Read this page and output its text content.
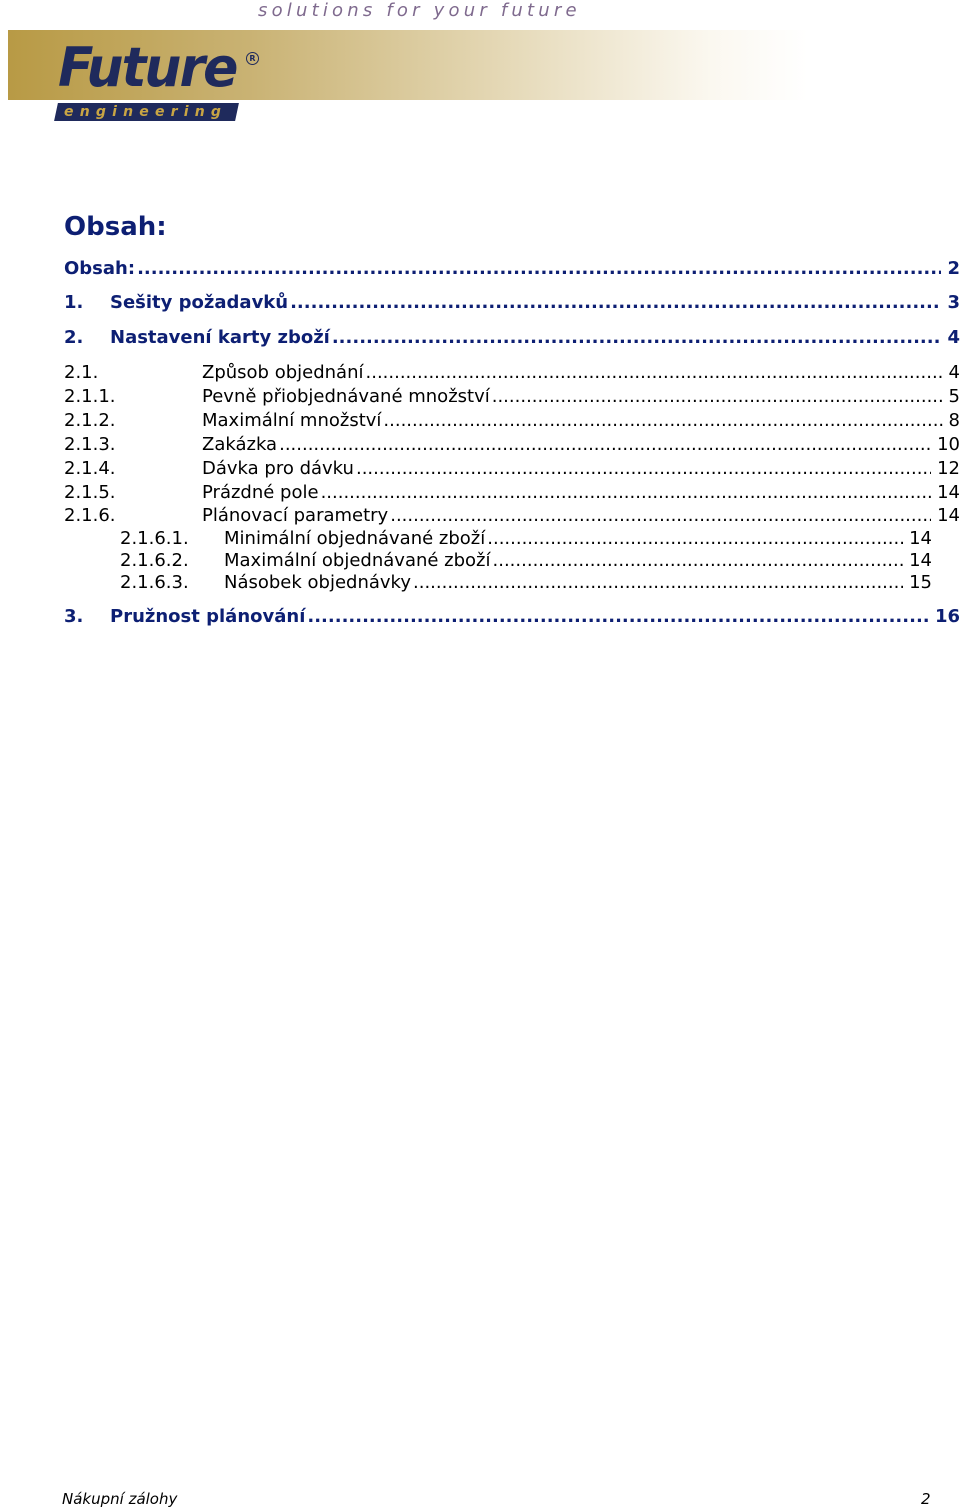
solutions for your future
Future	R
engineering
Obsah:
Obsah: .....	2
1. Sešity požadavků .....	3
2. Nastavení karty zboží .....	4
2.1.	Způsob objednání .....	4
2.1.1.	Pevně přiobjednávané množství .....	5
2.1.2.	Maximální množství .....	8
2.1.3.	Zakázka .....	10
2.1.4.	Dávka pro dávku .....	12
2.1.5.	Prázdné pole .....	14
2.1.6.	Plánovací parametry .....	14
2.1.6.1. Minimální objednávané zboží .....	14
2.1.6.2. Maximální objednávané zboží .....	14
2.1.6.3. Násobek objednávky .....	15
3. Pružnost plánování .....	16
Nákupní zálohy	2
